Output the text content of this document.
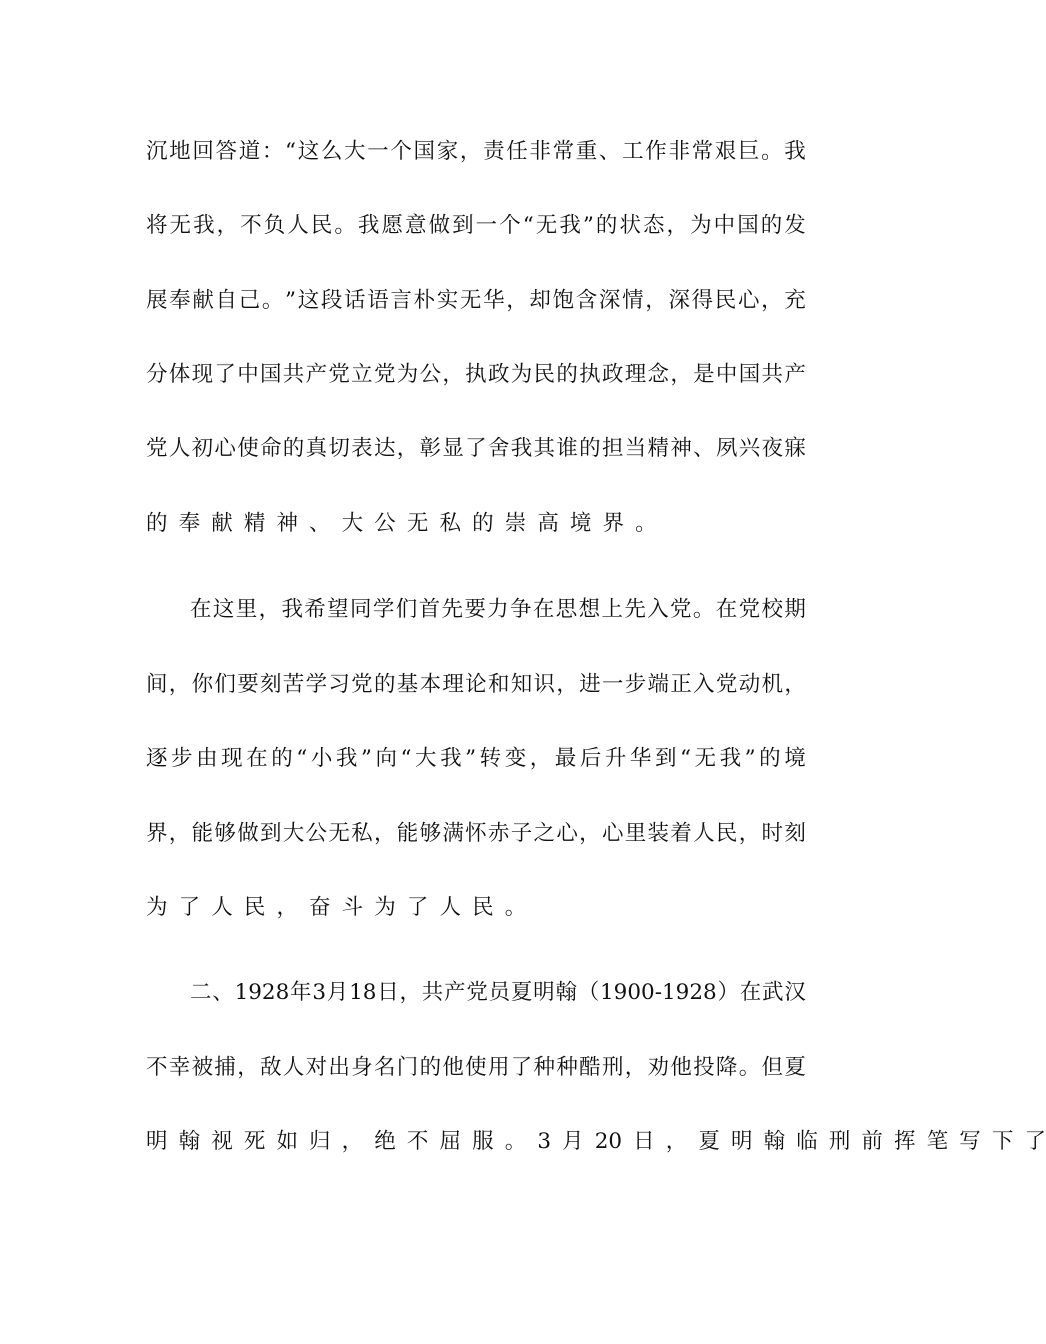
沉 地 回 答 道 ： “ 这 么 大 一 个 国 家 ， 责 任 非 常 重 、 工 作 非 常 艰 巨 。 我
将 无 我 ， 不 负 人 民 。 我 愿 意 做 到 一 个 “ 无 我 ” 的 状 态 ， 为 中 国 的 发
展 奉 献 自 己 。 ” 这 段 话 语 言 朴 实 无 华 ， 却 饱 含 深 情 ， 深 得 民 心 ， 充
分 体 现 了 中 国 共 产 党 立 党 为 公 ， 执 政 为 民 的 执 政 理 念 ， 是 中 国 共 产
党 人 初 心 使 命 的 真 切 表 达 ， 彰 显 了 舍 我 其 谁 的 担 当 精 神 、 夙 兴 夜 寐
的 奉 献 精 神 、 大 公 无 私 的 崇 高 境 界 。
在 这 里 ， 我 希 望 同 学 们 首 先 要 力 争 在 思 想 上 先 入 党 。 在 党 校 期
间 ， 你 们 要 刻 苦 学 习 党 的 基 本 理 论 和 知 识 ， 进 一 步 端 正 入 党 动 机 ，
逐 步 由 现 在 的 “ 小 我 ” 向 “ 大 我 ” 转 变 ， 最 后 升 华 到 “ 无 我 ” 的 境
界 ， 能 够 做 到 大 公 无 私 ， 能 够 满 怀 赤 子 之 心 ， 心 里 装 着 人 民 ， 时 刻
为 了 人 民 ， 奋 斗 为 了 人 民 。
二 、 1928 年 3 月 18 日 ， 共 产 党 员 夏 明 翰 （ 1900-1928 ） 在 武 汉
不 幸 被 捕 ， 敌 人 对 出 身 名 门 的 他 使 用 了 种 种 酷 刑 ， 劝 他 投 降 。 但 夏
明 翰 视 死 如 归 ， 绝 不 屈 服 。 3 月 20 日 ， 夏 明 翰 临 刑 前 挥 笔 写 下 了
